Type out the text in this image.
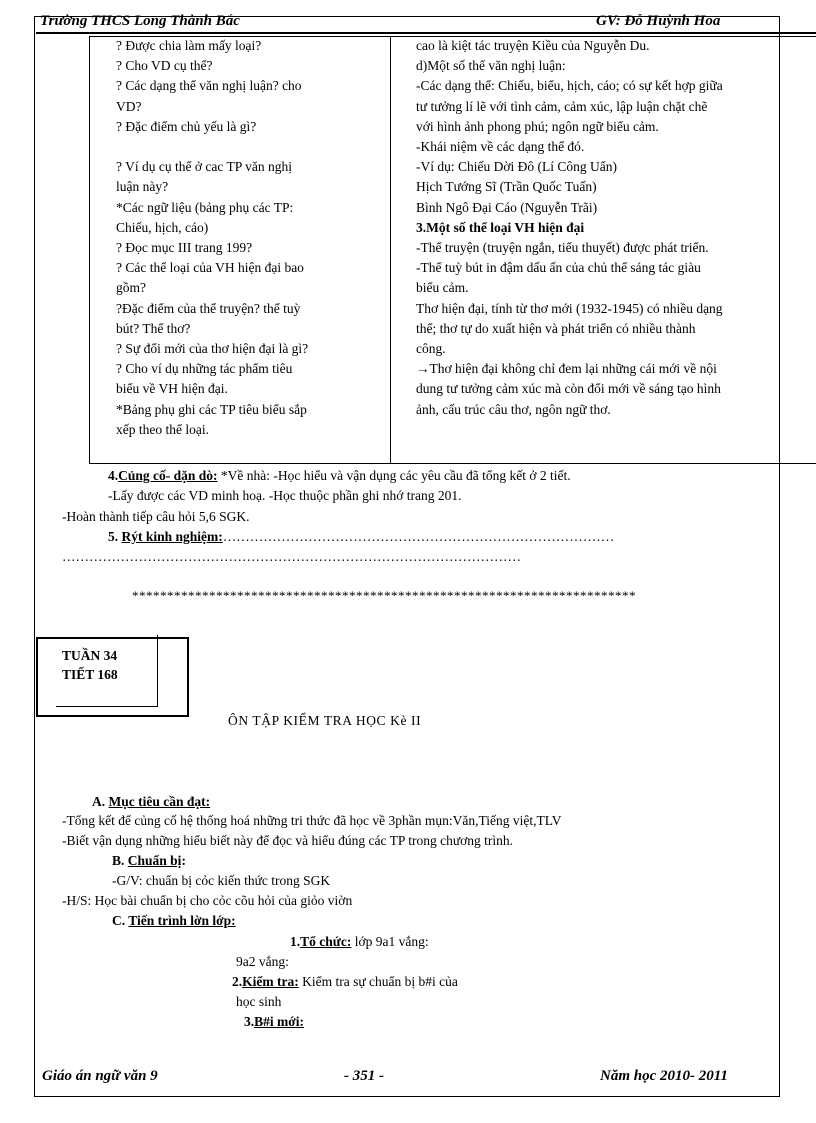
Trường THCS Long Thành Bắc	GV: Đỗ Huỳnh Hoa
? Được chia làm mấy loại?
? Cho VD cụ thể?
? Các dạng thể văn nghị luận? cho
VD?
? Đặc điểm chủ yếu là gì?

? Ví dụ cụ thể ở cac TP văn nghị
luận này?
*Các ngữ liệu (bảng phụ các TP:
Chiếu, hịch, cáo)
? Đọc mục III trang 199?
? Các thể loại của VH hiện đại bao
gồm?
?Đặc điểm của thể truyện? thể tuỳ
bút? Thể thơ?
? Sự đổi mới của thơ hiện đại là gì?
? Cho ví dụ những tác phẩm tiêu
biểu về VH hiện đại.
*Bảng phụ ghi các TP tiêu biểu sắp
xếp theo thể loại.
cao là kiệt tác truyện Kiều của Nguyễn Du.
d)Một số thể văn nghị luận:
-Các dạng thể: Chiếu, biểu, hịch, cáo; có sự kết hợp giữa
tư tưởng lí lẽ với tình cảm, cảm xúc, lập luận chặt chẽ
với hình ảnh phong phú; ngôn ngữ biểu cảm.
-Khái niệm về các dạng thể đó.
-Ví dụ: Chiếu Dời Đô (Lí Công Uẩn)
Hịch Tướng Sĩ (Trần Quốc Tuấn)
Bình Ngô Đại Cáo (Nguyễn Trãi)
3.Một số thể loại VH hiện đại
-Thể truyện (truyện ngắn, tiểu thuyết) được phát triển.
-Thể tuỳ bút in đậm dấu ấn của chủ thể sáng tác giàu
biểu cảm.
Thơ hiện đại, tính từ thơ mới (1932-1945) có nhiều dạng
thể; thơ tự do xuất hiện và phát triển có nhiều thành
công.
→Thơ hiện đại không chỉ đem lại những cái mới về nội
dung tư tưởng cảm xúc mà còn đổi mới về sáng tạo hình
ảnh, cấu trúc câu thơ, ngôn ngữ thơ.
4.Củng cố- dặn dò: *Về nhà: -Học hiểu và vận dụng các yêu cầu đã tổng kết ở 2 tiết.
-Lấy được các VD minh hoạ. -Học thuộc phần ghi nhớ trang 201.
-Hoàn thành tiếp câu hỏi 5,6 SGK.
5. Rýt kinh nghiệm:……………………………………………………………………………
…………………………………………………………………………………………
************************************************************************
TUẦN 34
TIẾT 168
ÔN TẬP KIỂM TRA HỌC Kè II
A. Mục tiêu cần đạt:
-Tổng kết để củng cố hệ thống hoá những tri thức đã học về 3phần mụn:Văn,Tiếng việt,TLV
-Biết vận dụng những hiểu biết này để đọc và hiểu đúng các TP trong chương trình.
B. Chuẩn bị:
-G/V: chuẩn bị cỏc kiến thức trong SGK
-H/S: Học bài chuẩn bị cho cỏc cõu hỏi của giỏo viờn
C. Tiến trình lờn lớp:
1.Tổ chức: lớp 9a1 vắng:
9a2 vắng:
2.Kiểm tra: Kiểm tra sự chuẩn bị b#i của
học sinh
3.B#i mới:
Giáo án ngữ văn 9	- 351 -	Năm học 2010- 2011
